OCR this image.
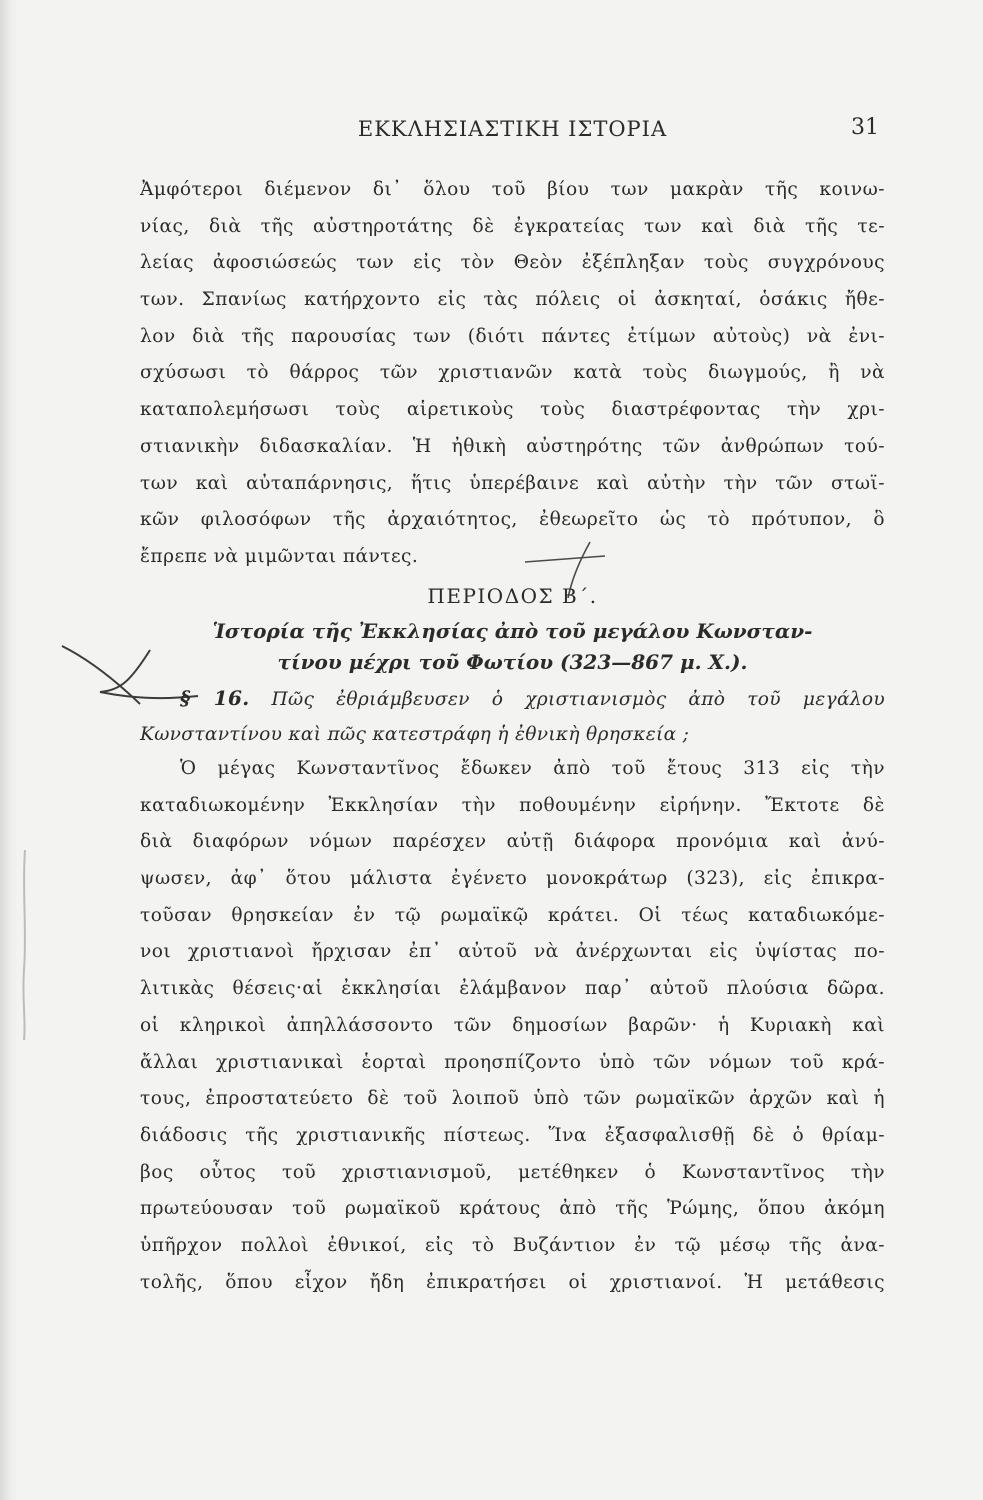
ΕΚΚΛΗΣΙΑΣΤΙΚΗ ΙΣΤΟΡΙΑ	31
Ἀμφότεροι διέμενον δι᾽ ὅλου τοῦ βίου των μακρὰν τῆς κοινω-
νίας, διὰ τῆς αὐστηροτάτης δὲ ἐγκρατείας των καὶ διὰ τῆς τε-
λείας ἀφοσιώσεώς των εἰς τὸν Θεὸν ἐξέπληξαν τοὺς συγχρόνους
των. Σπανίως κατήρχοντο εἰς τὰς πόλεις οἱ ἀσκηταί, ὁσάκις ἤθε-
λον διὰ τῆς παρουσίας των (διότι πάντες ἐτίμων αὐτοὺς) νὰ ἐνι-
σχύσωσι τὸ θάρρος τῶν χριστιανῶν κατὰ τοὺς διωγμούς, ἢ νὰ
καταπολεμήσωσι τοὺς αἱρετικοὺς τοὺς διαστρέφοντας τὴν χρι-
στιανικὴν διδασκαλίαν. Ἡ ἠθικὴ αὐστηρότης τῶν ἀνθρώπων τού-
των καὶ αὐταπάρνησις, ἥτις ὑπερέβαινε καὶ αὐτὴν τὴν τῶν στωϊ-
κῶν φιλοσόφων τῆς ἀρχαιότητος, ἐθεωρεῖτο ὡς τὸ πρότυπον, ὃ
ἔπρεπε νὰ μιμῶνται πάντες.
ΠΕΡΙΟΔΟΣ Β΄.
Ἱστορία τῆς Ἐκκλησίας ἀπὸ τοῦ μεγάλου Κωνσταν-
τίνου μέχρι τοῦ Φωτίου (323—867 μ. Χ.).
§ 16. Πῶς ἐθριάμβευσεν ὁ χριστιανισμὸς ἀπὸ τοῦ μεγάλου
Κωνσταντίνου καὶ πῶς κατεστράφη ἡ ἐθνικὴ θρησκεία ;
Ὁ μέγας Κωνσταντῖνος ἔδωκεν ἀπὸ τοῦ ἔτους 313 εἰς τὴν
καταδιωκομένην Ἐκκλησίαν τὴν ποθουμένην εἰρήνην. Ἔκτοτε δὲ
διὰ διαφόρων νόμων παρέσχεν αὐτῇ διάφορα προνόμια καὶ ἀνύ-
ψωσεν, ἀφ᾽ ὅτου μάλιστα ἐγένετο μονοκράτωρ (323), εἰς ἐπικρα-
τοῦσαν θρησκείαν ἐν τῷ ρωμαϊκῷ κράτει. Οἱ τέως καταδιωκόμε-
νοι χριστιανοὶ ἤρχισαν ἐπ᾽ αὐτοῦ νὰ ἀνέρχωνται εἰς ὑψίστας πο-
λιτικὰς θέσεις·αἱ ἐκκλησίαι ἐλάμβανον παρ᾽ αὐτοῦ πλούσια δῶρα.
οἱ κληρικοὶ ἀπηλλάσσοντο τῶν δημοσίων βαρῶν· ἡ Κυριακὴ καὶ
ἄλλαι χριστιανικαὶ ἑορταὶ προησπίζοντο ὑπὸ τῶν νόμων τοῦ κρά-
τους, ἐπροστατεύετο δὲ τοῦ λοιποῦ ὑπὸ τῶν ρωμαϊκῶν ἀρχῶν καὶ ἡ
διάδοσις τῆς χριστιανικῆς πίστεως. Ἵνα ἐξασφαλισθῇ δὲ ὁ θρίαμ-
βος οὗτος τοῦ χριστιανισμοῦ, μετέθηκεν ὁ Κωνσταντῖνος τὴν
πρωτεύουσαν τοῦ ρωμαϊκοῦ κράτους ἀπὸ τῆς Ῥώμης, ὅπου ἀκόμη
ὑπῆρχον πολλοὶ ἐθνικοί, εἰς τὸ Βυζάντιον ἐν τῷ μέσῳ τῆς ἀνα-
τολῆς, ὅπου εἶχον ἤδη ἐπικρατήσει οἱ χριστιανοί. Ἡ μετάθεσις
